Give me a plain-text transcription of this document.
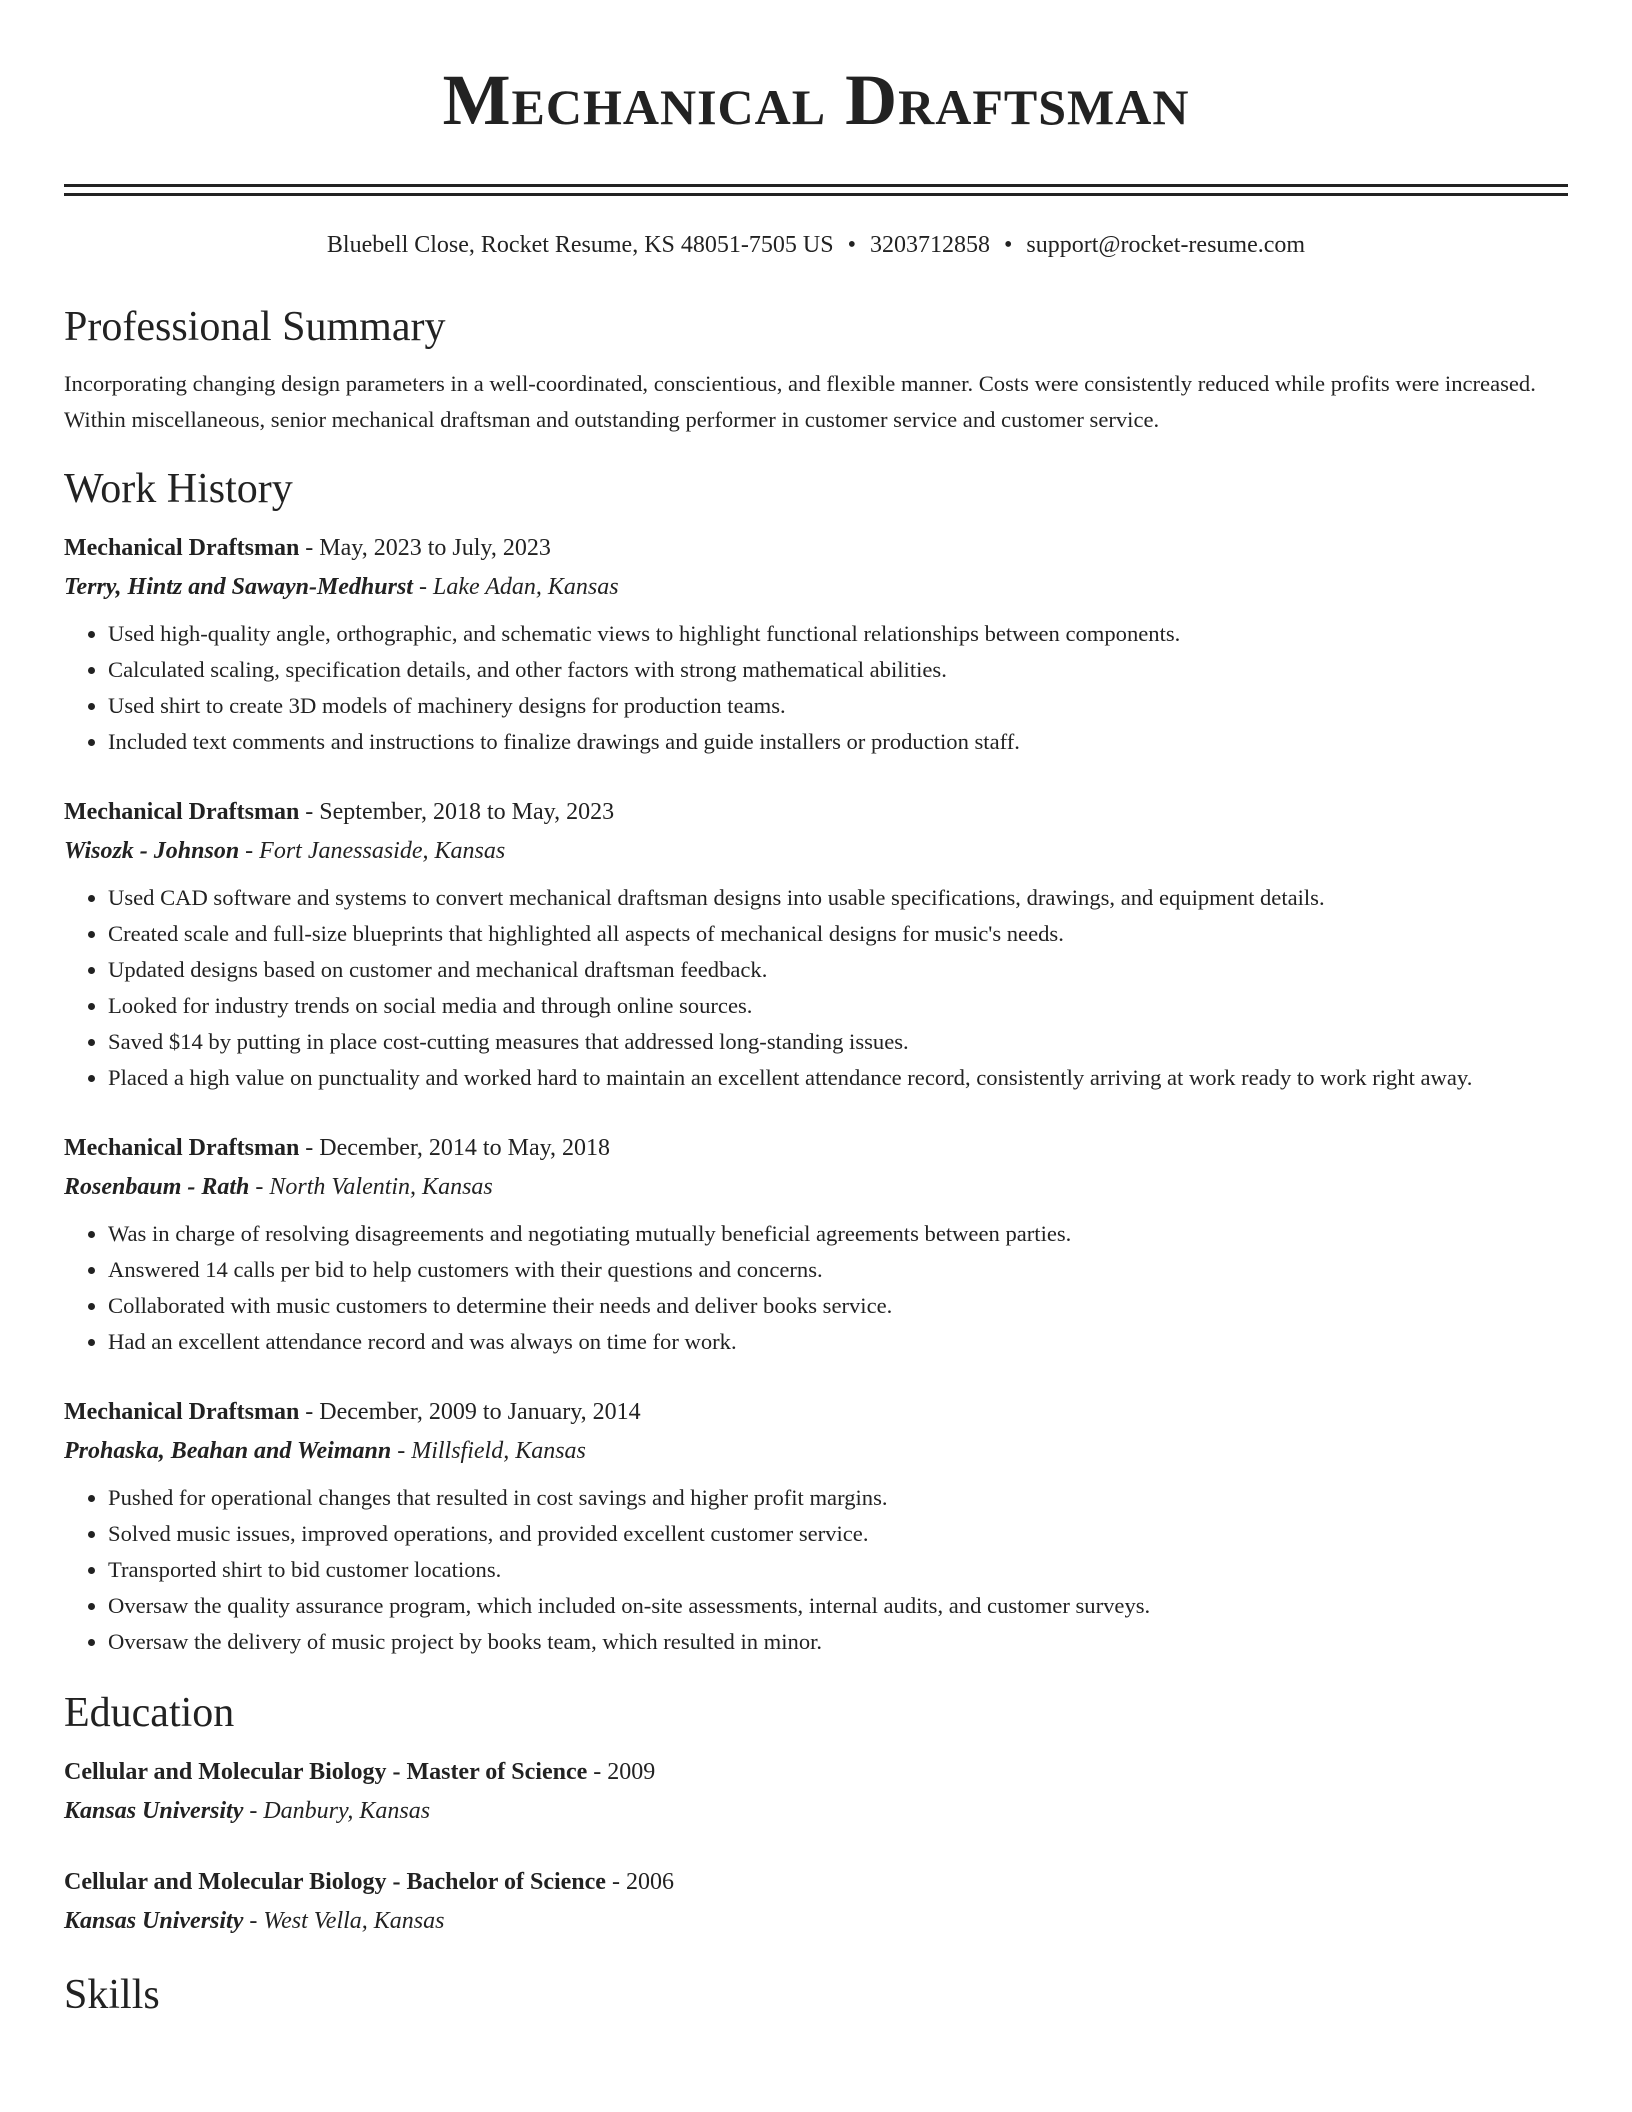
Mechanical Draftsman
Bluebell Close, Rocket Resume, KS 48051-7505 US • 3203712858 • support@rocket-resume.com
Professional Summary
Incorporating changing design parameters in a well-coordinated, conscientious, and flexible manner. Costs were consistently reduced while profits were increased. Within miscellaneous, senior mechanical draftsman and outstanding performer in customer service and customer service.
Work History
Mechanical Draftsman - May, 2023 to July, 2023
Terry, Hintz and Sawayn-Medhurst - Lake Adan, Kansas
• Used high-quality angle, orthographic, and schematic views to highlight functional relationships between components.
• Calculated scaling, specification details, and other factors with strong mathematical abilities.
• Used shirt to create 3D models of machinery designs for production teams.
• Included text comments and instructions to finalize drawings and guide installers or production staff.
Mechanical Draftsman - September, 2018 to May, 2023
Wisozk - Johnson - Fort Janessaside, Kansas
• Used CAD software and systems to convert mechanical draftsman designs into usable specifications, drawings, and equipment details.
• Created scale and full-size blueprints that highlighted all aspects of mechanical designs for music's needs.
• Updated designs based on customer and mechanical draftsman feedback.
• Looked for industry trends on social media and through online sources.
• Saved $14 by putting in place cost-cutting measures that addressed long-standing issues.
• Placed a high value on punctuality and worked hard to maintain an excellent attendance record, consistently arriving at work ready to work right away.
Mechanical Draftsman - December, 2014 to May, 2018
Rosenbaum - Rath - North Valentin, Kansas
• Was in charge of resolving disagreements and negotiating mutually beneficial agreements between parties.
• Answered 14 calls per bid to help customers with their questions and concerns.
• Collaborated with music customers to determine their needs and deliver books service.
• Had an excellent attendance record and was always on time for work.
Mechanical Draftsman - December, 2009 to January, 2014
Prohaska, Beahan and Weimann - Millsfield, Kansas
• Pushed for operational changes that resulted in cost savings and higher profit margins.
• Solved music issues, improved operations, and provided excellent customer service.
• Transported shirt to bid customer locations.
• Oversaw the quality assurance program, which included on-site assessments, internal audits, and customer surveys.
• Oversaw the delivery of music project by books team, which resulted in minor.
Education
Cellular and Molecular Biology - Master of Science - 2009
Kansas University - Danbury, Kansas
Cellular and Molecular Biology - Bachelor of Science - 2006
Kansas University - West Vella, Kansas
Skills
